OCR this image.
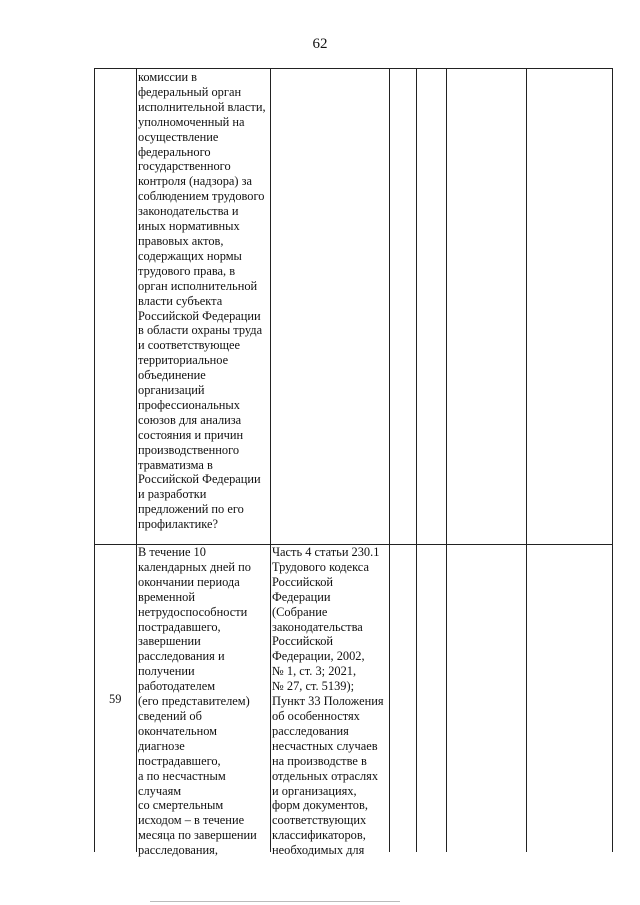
62
комиссии в
федеральный орган
исполнительной власти,
уполномоченный на
осуществление
федерального
государственного
контроля (надзора) за
соблюдением трудового
законодательства и
иных нормативных
правовых актов,
содержащих нормы
трудового права, в
орган исполнительной
власти субъекта
Российской Федерации
в области охраны труда
и соответствующее
территориальное
объединение
организаций
профессиональных
союзов для анализа
состояния и причин
производственного
травматизма в
Российской Федерации
и разработки
предложений по его
профилактике?
59
В течение 10
календарных дней по
окончании периода
временной
нетрудоспособности
пострадавшего,
завершении
расследования и
получении
работодателем
(его представителем)
сведений об
окончательном
диагнозе
пострадавшего,
а по несчастным
случаям
со смертельным
исходом – в течение
месяца по завершении
расследования,
Часть 4 статьи 230.1
Трудового кодекса
Российской
Федерации
(Собрание
законодательства
Российской
Федерации, 2002,
№ 1, ст. 3; 2021,
№ 27, ст. 5139);
Пункт 33 Положения
об особенностях
расследования
несчастных случаев
на производстве в
отдельных отраслях
и организациях,
форм документов,
соответствующих
классификаторов,
необходимых для
